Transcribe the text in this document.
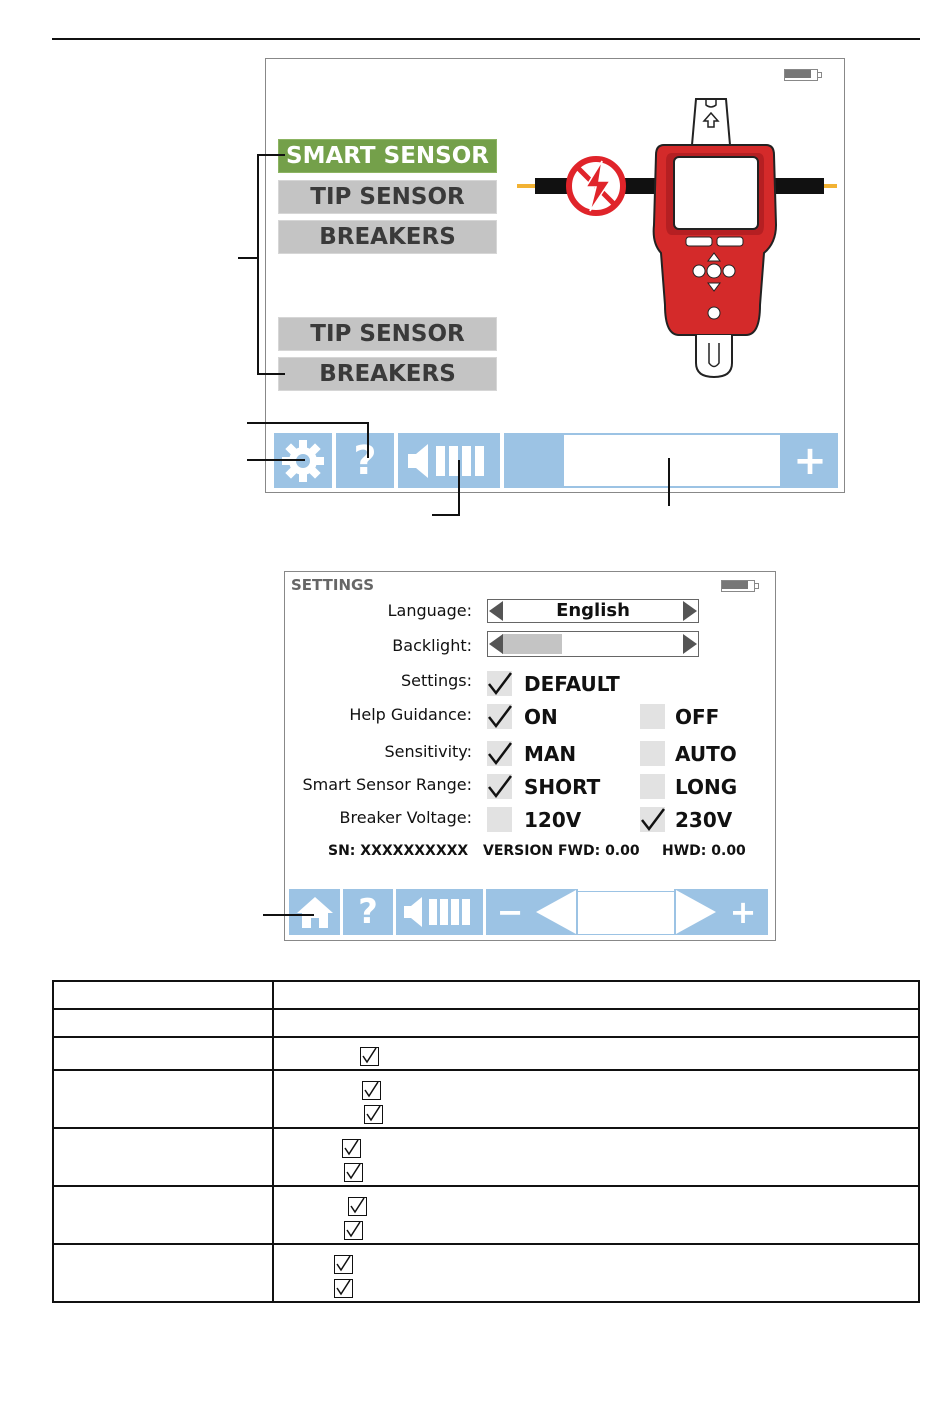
SMART SENSOR
TIP SENSOR
BREAKERS
TIP SENSOR
BREAKERS
?	+
SETTINGS
Language:	English
Backlight:
Settings:	DEFAULT
Help Guidance:	ON	OFF
Sensitivity:	MAN	AUTO
Smart Sensor Range:	SHORT	LONG
Breaker Voltage:	120V	230V
SN: XXXXXXXXXX VERSION FWD: 0.00 HWD: 0.00
?	−	+
